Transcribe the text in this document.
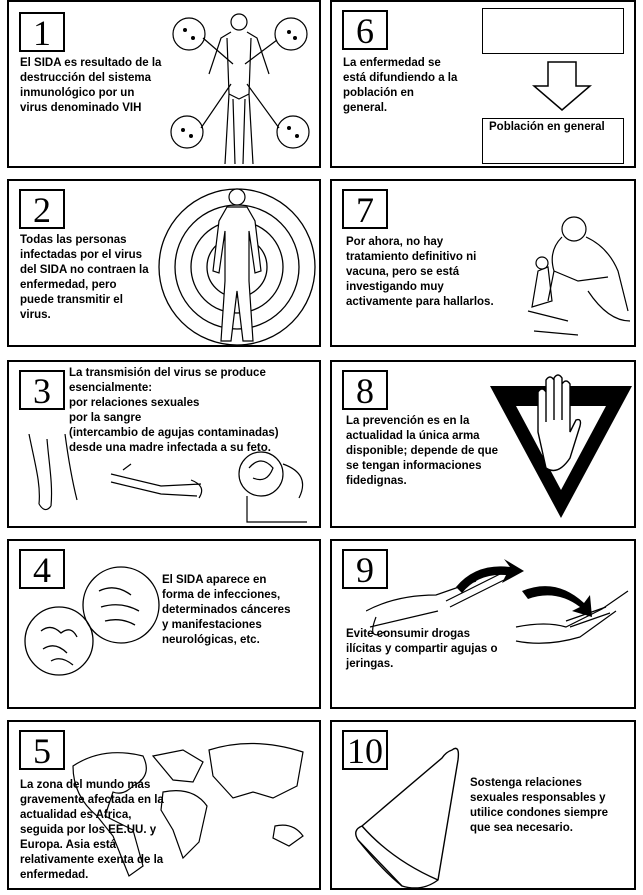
1
El SIDA es resultado de la
destrucción del sistema
inmunológico por un
virus denominado VIH
2
Todas las personas
infectadas por el virus
del SIDA no contraen la
enfermedad, pero
puede transmitir el
virus.
3	La transmisión del virus se produce
esencialmente:
por relaciones sexuales
por la sangre
(intercambio de agujas contaminadas)
desde una madre infectada a su feto.
4	El SIDA aparece en
forma de infecciones,
determinados cánceres
y manifestaciones
neurológicas, etc.
5
La zona del mundo más
gravemente afectada en la
actualidad es Africa,
seguida por los EE.UU. y
Europa. Asia está
relativamente exenta de la
enfermedad.
6
La enfermedad se
está difundiendo a la
población en
general.
Población en general
7
Por ahora, no hay
tratamiento definitivo ni
vacuna, pero se está
investigando muy
activamente para hallarlos.
8
La prevención es en la
actualidad la única arma
disponible; depende de que
se tengan informaciones
fidedignas.
9
Evite consumir drogas
ilícitas y compartir agujas o
jeringas.
10
Sostenga relaciones
sexuales responsables y
utilice condones siempre
que sea necesario.
